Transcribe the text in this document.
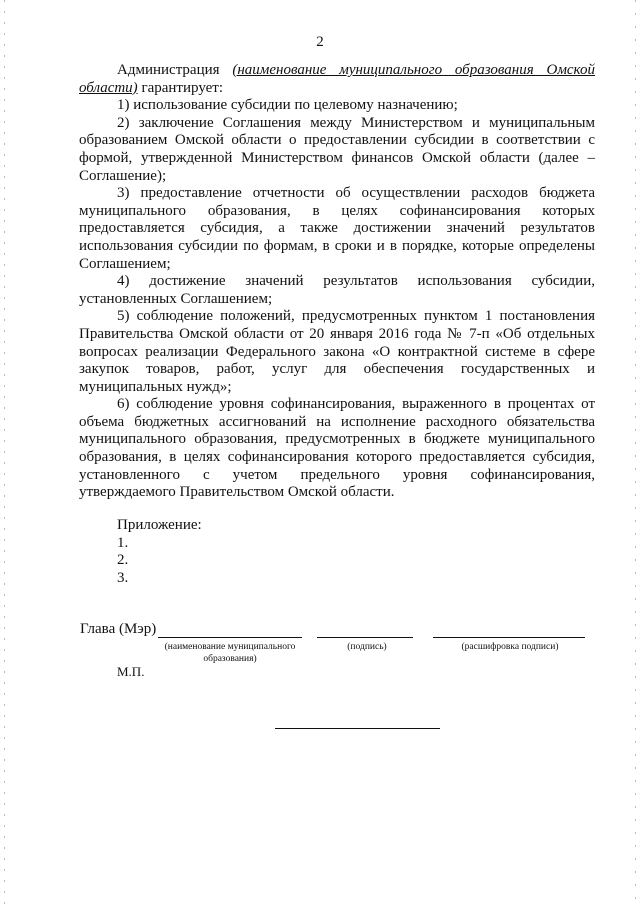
2

Администрация (наименование муниципального образования Омской области) гарантирует:

1) использование субсидии по целевому назначению;

2) заключение Соглашения между Министерством и муниципальным образованием Омской области о предоставлении субсидии в соответствии с формой, утвержденной Министерством финансов Омской области (далее – Соглашение);

3) предоставление отчетности об осуществлении расходов бюджета муниципального образования, в целях софинансирования которых предоставляется субсидия, а также достижении значений результатов использования субсидии по формам, в сроки и в порядке, которые определены Соглашением;

4) достижение значений результатов использования субсидии, установленных Соглашением;

5) соблюдение положений, предусмотренных пунктом 1 постановления Правительства Омской области от 20 января 2016 года № 7-п «Об отдельных вопросах реализации Федерального закона «О контрактной системе в сфере закупок товаров, работ, услуг для обеспечения государственных и муниципальных нужд»;

6) соблюдение уровня софинансирования, выраженного в процентах от объема бюджетных ассигнований на исполнение расходного обязательства муниципального образования, предусмотренных в бюджете муниципального образования, в целях софинансирования которого предоставляется субсидия, установленного с учетом предельного уровня софинансирования, утверждаемого Правительством Омской области.

Приложение:
1.
2.
3.
Глава (Мэр)
(наименование муниципального образования)
(подпись)	(расшифровка подписи)
М.П.
